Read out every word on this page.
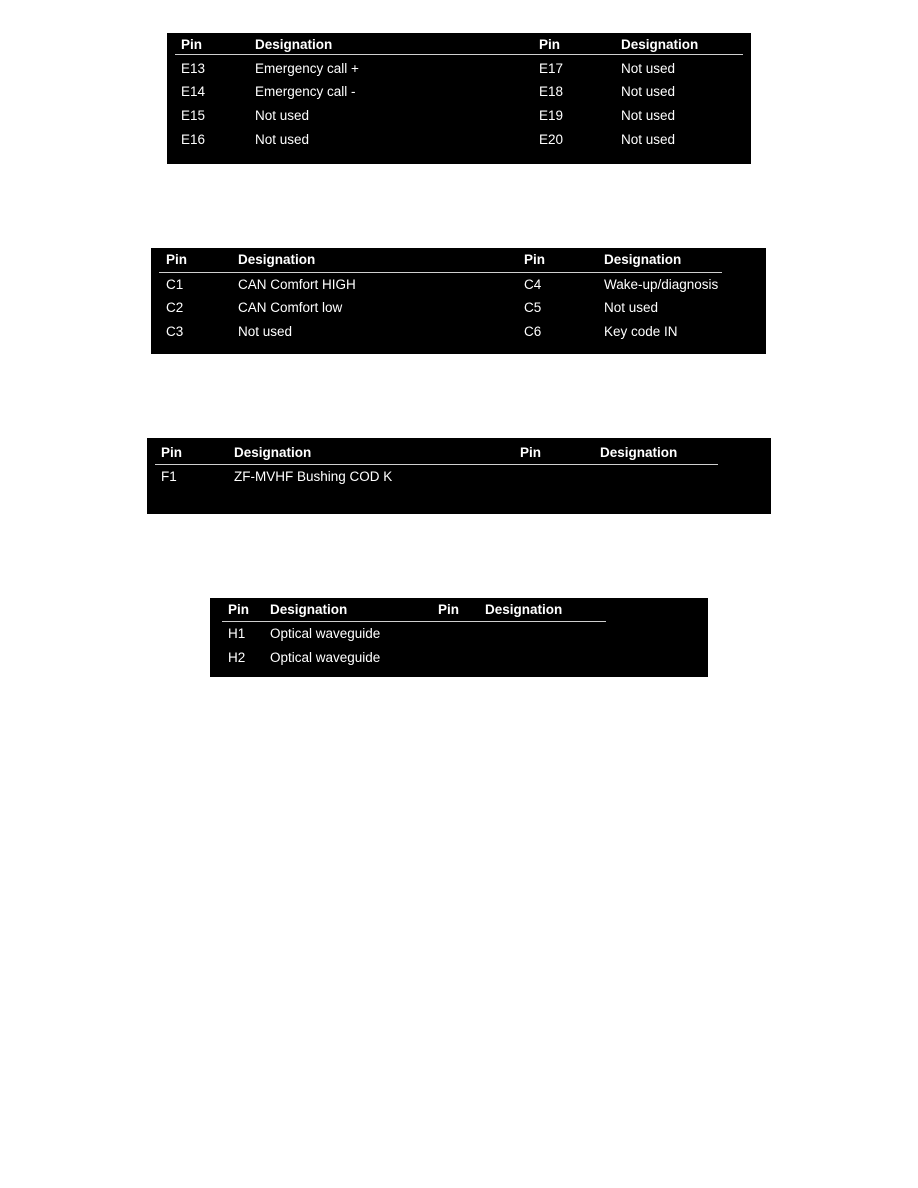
Pin	Designation	Pin	Designation
E13	Emergency call +	E17	Not used
E14	Emergency call -	E18	Not used
E15	Not used	E19	Not used
E16	Not used	E20	Not used
Pin	Designation	Pin	Designation
C1	CAN Comfort HIGH	C4	Wake-up/diagnosis
C2	CAN Comfort low	C5	Not used
C3	Not used	C6	Key code IN
Pin	Designation	Pin	Designation
F1	ZF-MVHF Bushing COD K
Pin Designation	Pin Designation
H1 Optical waveguide
H2 Optical waveguide
